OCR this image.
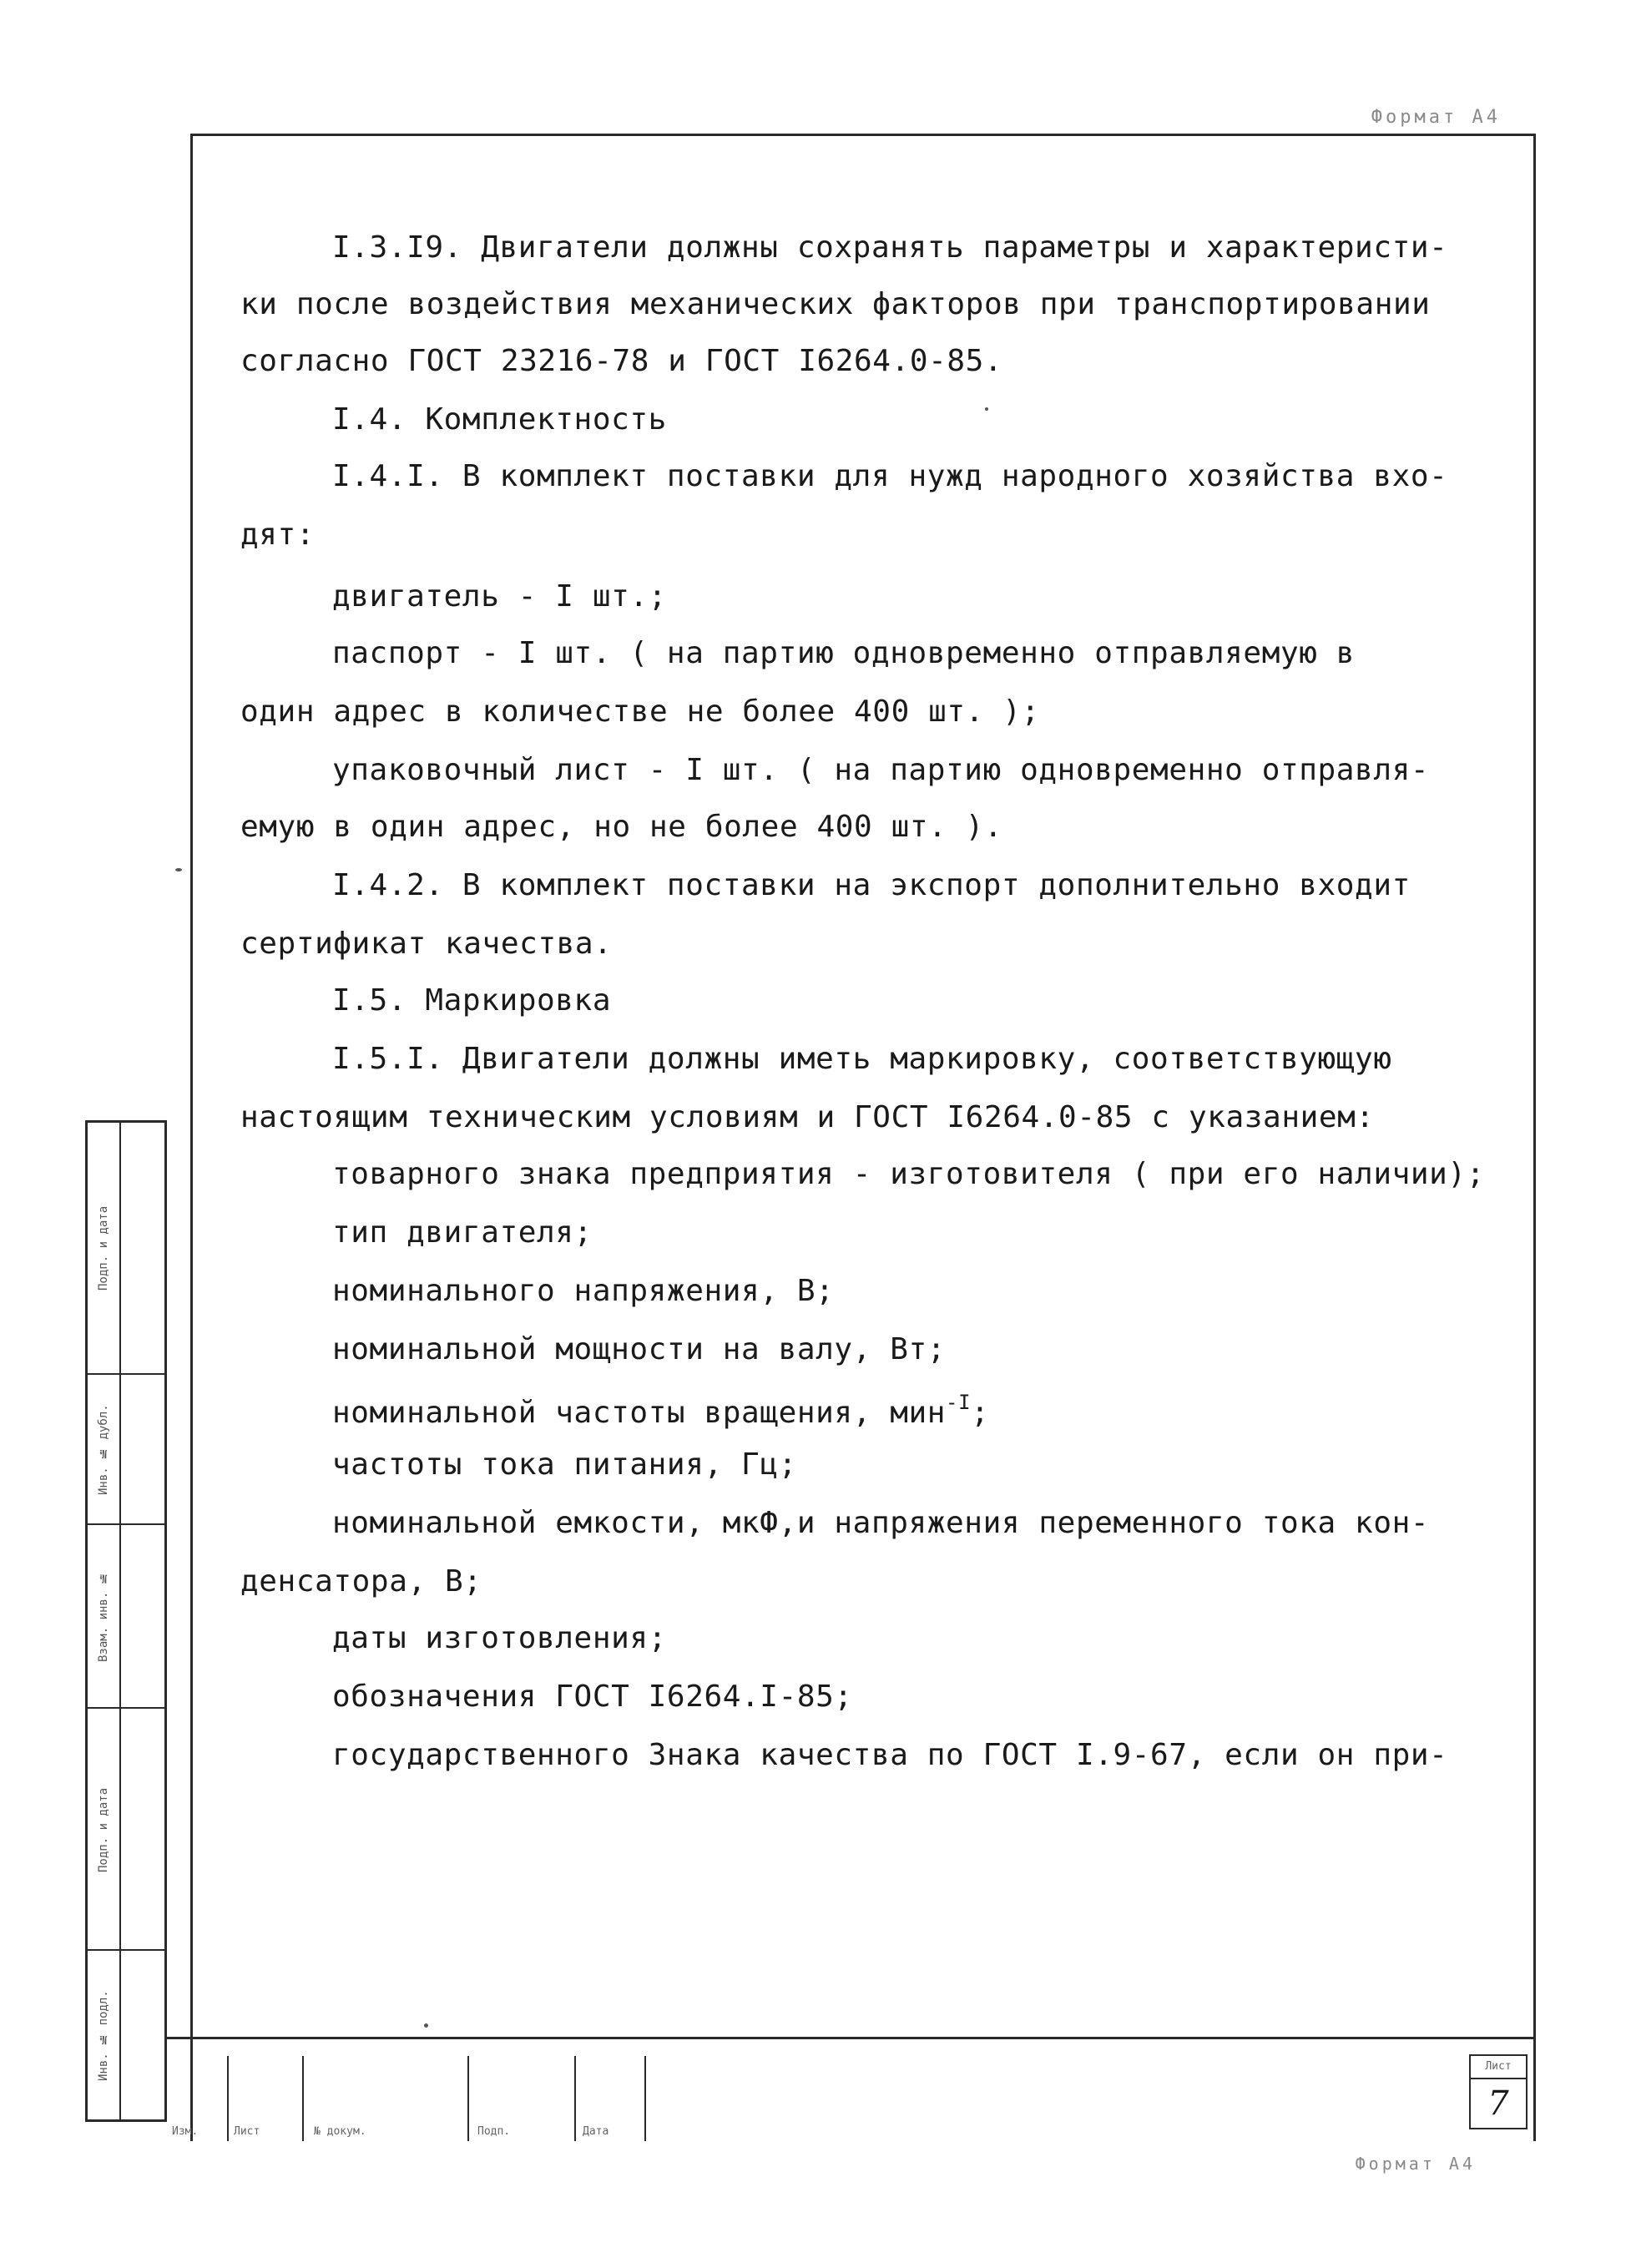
Формат А4
I.3.I9. Двигатели должны сохранять параметры и характеристи-
ки после воздействия механических факторов при транспортировании
согласно ГОСТ 23216-78 и ГОСТ I6264.0-85.
I.4. Комплектность
I.4.I. В комплект поставки для нужд народного хозяйства вхо-
дят:
двигатель - I шт.;
паспорт - I шт. ( на партию одновременно отправляемую в
один адрес в количестве не более 400 шт. );
упаковочный лист - I шт. ( на партию одновременно отправля-
емую в один адрес, но не более 400 шт. ).
I.4.2. В комплект поставки на экспорт дополнительно входит
сертификат качества.
I.5. Маркировка
I.5.I. Двигатели должны иметь маркировку, соответствующую
настоящим техническим условиям и ГОСТ I6264.0-85 с указанием:
товарного знака предприятия - изготовителя ( при его наличии);
тип двигателя;
номинального напряжения, В;
номинальной мощности на валу, Вт;
номинальной частоты вращения, мин$^{-I}$;
частоты тока питания, Гц;
номинальной емкости, мкФ,и напряжения переменного тока кон-
денсатора, В;
даты изготовления;
обозначения ГОСТ I6264.I-85;
государственного Знака качества по ГОСТ I.9-67, если он при-
Подп. и дата
Инв. № дубл.
Взам. инв. №
Подп. и дата
Инв. № подл.
Изм.	Лист	№ докум.	Подп.	Дата
Лист
7
Формат А4
